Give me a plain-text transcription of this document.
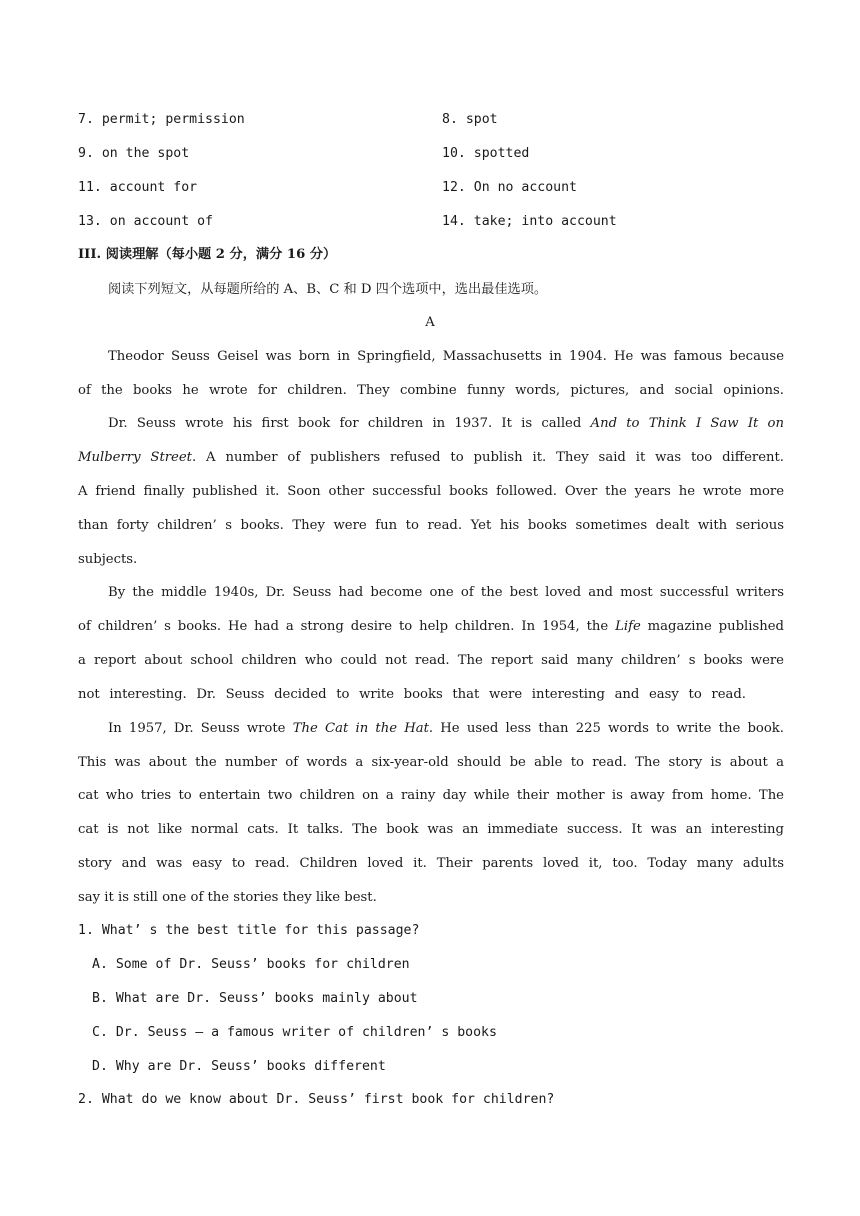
7. permit; permission	8. spot
9. on the spot	10. spotted
11. account for	12. On no account
13. on account of	14. take; into account
III. 阅读理解（每小题 2 分，满分 16 分）
阅读下列短文，从每题所给的 A、B、C 和 D 四个选项中，选出最佳选项。
A
Theodor Seuss Geisel was born in Springfield, Massachusetts in 1904. He was famous because
of the books he wrote for children. They combine funny words, pictures, and social opinions.
Dr. Seuss wrote his first book for children in 1937. It is called And to Think I Saw It on
Mulberry Street. A number of publishers refused to publish it. They said it was too different.
A friend finally published it. Soon other successful books followed. Over the years he wrote more
than forty children’ s books. They were fun to read. Yet his books sometimes dealt with serious
subjects.
By the middle 1940s, Dr. Seuss had become one of the best loved and most successful writers
of children’ s books. He had a strong desire to help children. In 1954, the Life magazine published
a report about school children who could not read. The report said many children’ s books were
not interesting. Dr. Seuss decided to write books that were interesting and easy to read.
In 1957, Dr. Seuss wrote The Cat in the Hat. He used less than 225 words to write the book.
This was about the number of words a six-year-old should be able to read. The story is about a
cat who tries to entertain two children on a rainy day while their mother is away from home. The
cat is not like normal cats. It talks. The book was an immediate success. It was an interesting
story and was easy to read. Children loved it. Their parents loved it, too. Today many adults
say it is still one of the stories they like best.
1. What’ s the best title for this passage?
A. Some of Dr. Seuss’ books for children
B. What are Dr. Seuss’ books mainly about
C. Dr. Seuss — a famous writer of children’ s books
D. Why are Dr. Seuss’ books different
2. What do we know about Dr. Seuss’ first book for children?
